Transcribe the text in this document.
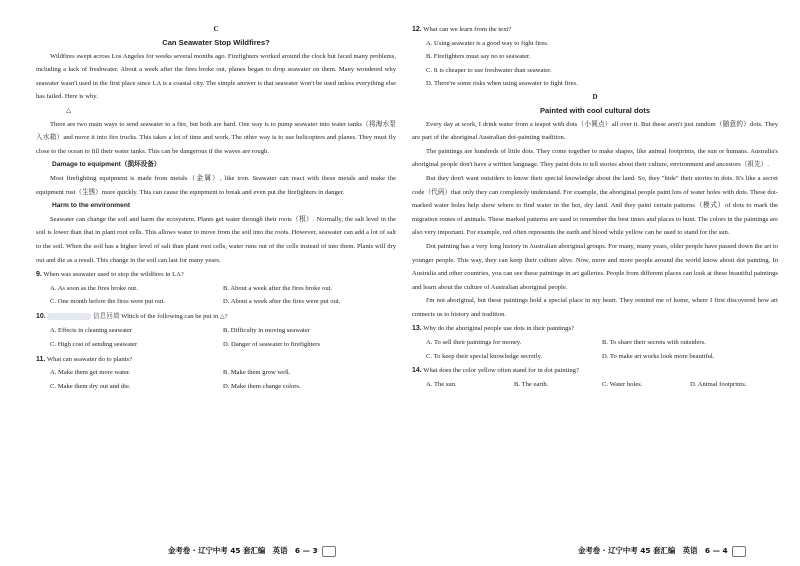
C
Can Seawater Stop Wildfires?

Wildfires swept across Los Angeles for weeks several months ago. Firefighters worked around the clock but faced many problems, including a lack of freshwater. About a week after the fires broke out, planes began to drop seawater on them. Many wondered why seawater wasn't used in the first place since LA is a coastal city. The simple answer is that seawater won't be used unless everything else has failed. Here is why.

△

There are two main ways to send seawater to a fire, but both are hard. One way is to pump seawater into water tanks（将海水泵入水箱）and move it into fire trucks. This takes a lot of time and work. The other way is to use helicopters and planes. They must fly close to the ocean to fill their water tanks. This can be dangerous if the waves are rough.

Damage to equipment（损坏设备）

Most firefighting equipment is made from metals（金属）, like iron. Seawater can react with these metals and make the equipment rust（生锈）more quickly. This can cause the equipment to break and even put the firefighters in danger.

Harm to the environment

Seawater can change the soil and harm the ecosystem. Plants get water through their roots（根）. Normally, the salt level in the soil is lower than that in plant root cells. This allows water to move from the soil into the roots. However, seawater can add a lot of salt to the soil. When the soil has a higher level of salt than plant root cells, water runs out of the cells instead of into them. Plants will dry out and die as a result. This change in the soil can last for many years.

9. When was seawater used to stop the wildfires in LA?
A. As soon as the fires broke out.	B. About a week after the fires broke out.
C. One month before the fires were put out.	D. About a week after the fires were put out.
10.	信息回填 Which of the following can be put in △?
A. Effects in cleaning seawater	B. Difficulty in moving seawater
C. High cost of sending seawater	D. Danger of seawater to firefighters
11. What can seawater do to plants?
A. Make them get more water.	B. Make them grow well.
C. Make them dry out and die.	D. Make them change colors.
金考卷 · 辽宁中考 45 套汇编　英语　6 — 3
12. What can we learn from the text?
A. Using seawater is a good way to fight fires.
B. Firefighters must say no to seawater.
C. It is cheaper to use freshwater than seawater.
D. There're some risks when using seawater to fight fires.
D
Painted with cool cultural dots

Every day at work, I drink water from a teapot with dots（小圆点）all over it. But these aren't just random（随意的）dots. They are part of the aboriginal Australian dot-painting tradition.

The paintings are hundreds of little dots. They come together to make shapes, like animal footprints, the sun or humans. Australia's aboriginal people don't have a written language. They paint dots to tell stories about their culture, environment and ancestors（祖先）.

But they don't want outsiders to know their special knowledge about the land. So, they "hide" their stories in dots. It's like a secret code（代码）that only they can completely understand. For example, the aboriginal people paint lots of water holes with dots. These dot-marked water holes help show where to find water in the hot, dry land. And they paint certain patterns（模式）of dots to mark the migration routes of animals. These marked patterns are used to remember the best times and places to hunt. The colors in the paintings are also very important. For example, red often represents the earth and blood while yellow can be used to stand for the sun.

Dot painting has a very long history in Australian aboriginal groups. For many, many years, older people have passed down the art to younger people. This way, they can keep their culture alive. Now, more and more people around the world know about dot painting. In Australia and other countries, you can see these paintings in art galleries. People from different places can look at these beautiful paintings and learn about the culture of Australian aboriginal people.

I'm not aboriginal, but these paintings hold a special place in my heart. They remind me of home, where I first discovered how art connects us to history and tradition.

13. Why do the aboriginal people use dots in their paintings?
A. To sell their paintings for money.	B. To share their secrets with outsiders.
C. To keep their special knowledge secretly.	D. To make art works look more beautiful.
14. What does the color yellow often stand for in dot painting?
A. The sun.	B. The earth.	C. Water holes.	D. Animal footprints.
金考卷 · 辽宁中考 45 套汇编　英语　6 — 4
